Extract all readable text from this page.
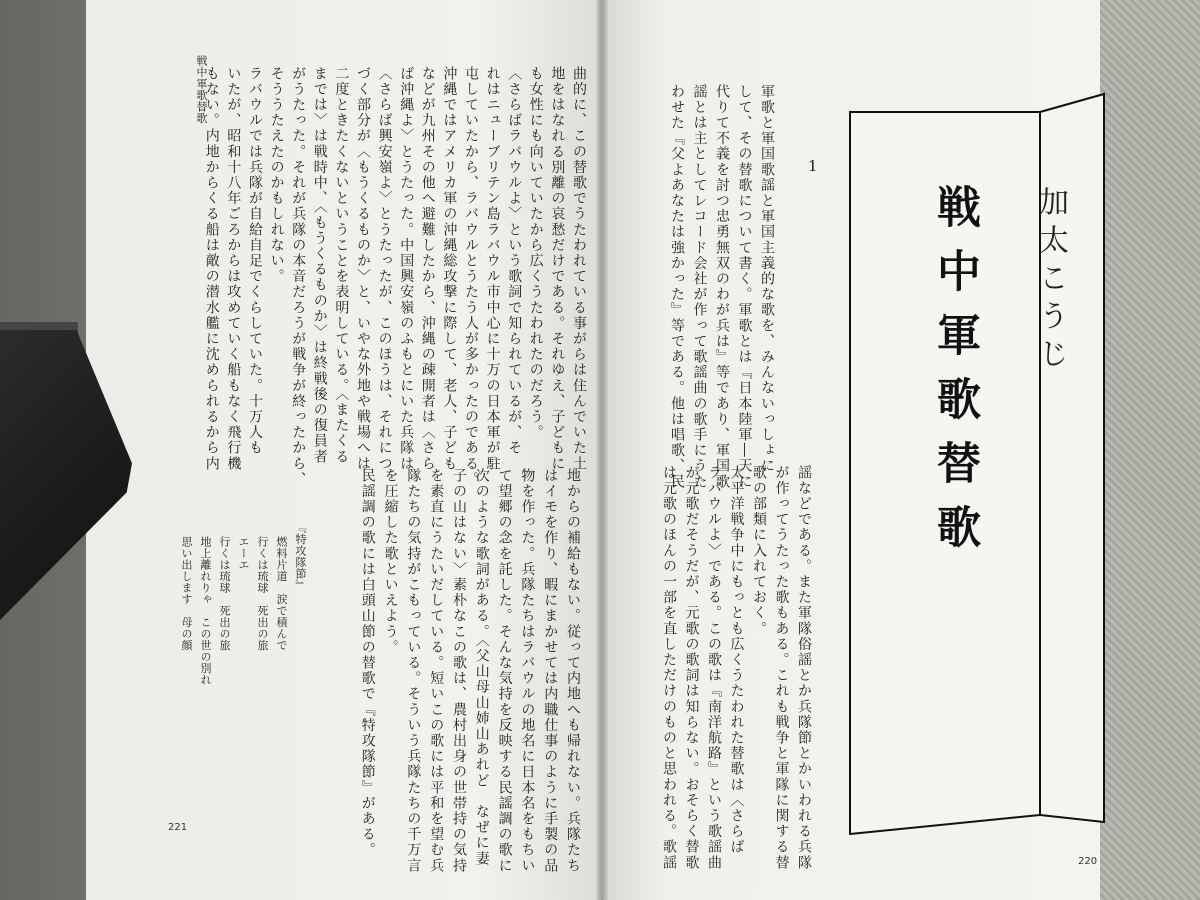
戦中軍歌替歌	曲的に、この替歌でうたわれている事がらは住んでいた土
地をはなれる別離の哀愁だけである。それゆえ、子どもに
も女性にも向いていたから広くうたわれたのだろう。
〈さらばラバウルよ〉という歌詞で知られているが、そ
れはニューブリテン島ラバウル市中心に十万の日本軍が駐
屯していたから、ラバウルとうたう人が多かったのである。
沖縄ではアメリカ軍の沖縄総攻撃に際して、老人、子ども
などが九州その他へ避難したから、沖縄の疎開者は〈さら
ば沖縄よ〉とうたった。中国興安嶺のふもとにいた兵隊は
〈さらば興安嶺よ〉とうたったが、このほうは、それにつ
づく部分が〈もうくるものか〉と、いやな外地や戦場へは
二度ときたくないということを表明している。〈またくる
までは〉は戦時中、〈もうくるものか〉は終戦後の復員者
がうたった。それが兵隊の本音だろうが戦争が終ったから、
そううたえたのかもしれない。
ラバウルでは兵隊が自給自足でくらしていた。十万人も
いたが、昭和十八年ごろからは攻めていく船もなく飛行機
もない。内地からくる船は敵の潜水艦に沈められるから内
地からの補給もない。従って内地へも帰れない。兵隊たち
はイモを作り、暇にまかせては内職仕事のように手製の品
物を作った。兵隊たちはラバウルの地名に日本名をもちい
て望郷の念を託した。そんな気持を反映する民謡調の歌に
次のような歌詞がある。〈父山母山姉山あれど　なぜに妻
子の山はない〉素朴なこの歌は、農村出身の世帯持の気持
を素直にうたいだしている。短いこの歌には平和を望む兵
隊たちの気持がこもっている。そういう兵隊たちの千万言
を圧縮した歌といえよう。
民謡調の歌には白頭山節の替歌で『特攻隊節』がある。
『特攻隊節』
燃料片道　涙で積んで
行くは琉球　死出の旅
エーエ
行くは琉球　死出の旅
地上離れりゃ　この世の別れ
思い出します　母の顔
221
戦中軍歌替歌 加太こうじ
1
軍歌と軍国歌謡と軍国主義的な歌を、みんないっしょに
して、その替歌について書く。軍歌とは『日本陸軍―天に
代りて不義を討つ忠勇無双のわが兵は』等であり、軍国歌
謡とは主としてレコード会社が作って歌謡曲の歌手にうた
わせた『父よあなたは強かった』等である。他は唱歌、民
謡などである。また軍隊俗謡とか兵隊節とかいわれる兵隊
が作ってうたった歌もある。これも戦争と軍隊に関する替
歌の部類に入れておく。
太平洋戦争中にもっとも広くうたわれた替歌は〈さらば
ラバウルよ〉である。この歌は『南洋航路』という歌謡曲
が元歌だそうだが、元歌の歌詞は知らない。おそらく替歌
は元歌のほんの一部を直しただけのものと思われる。歌謡	220
